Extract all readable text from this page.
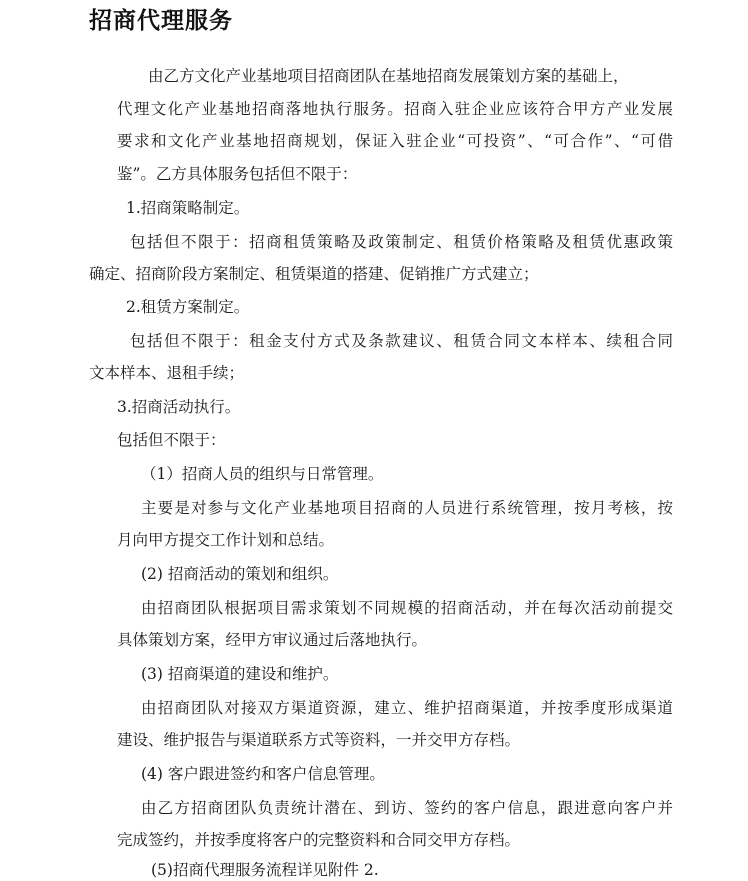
招商代理服务
由乙方文化产业基地项目招商团队在基地招商发展策划方案的基础上，
代理文化产业基地招商落地执行服务。招商入驻企业应该符合甲方产业发展
要求和文化产业基地招商规划，保证入驻企业“可投资”、“可合作”、“可借
鉴”。乙方具体服务包括但不限于：
1.招商策略制定。
包括但不限于：招商租赁策略及政策制定、租赁价格策略及租赁优惠政策
确定、招商阶段方案制定、租赁渠道的搭建、促销推广方式建立；
2.租赁方案制定。
包括但不限于：租金支付方式及条款建议、租赁合同文本样本、续租合同
文本样本、退租手续；
3.招商活动执行。
包括但不限于：
（1）招商人员的组织与日常管理。
主要是对参与文化产业基地项目招商的人员进行系统管理，按月考核，按
月向甲方提交工作计划和总结。
(2) 招商活动的策划和组织。
由招商团队根据项目需求策划不同规模的招商活动，并在每次活动前提交
具体策划方案，经甲方审议通过后落地执行。
(3) 招商渠道的建设和维护。
由招商团队对接双方渠道资源，建立、维护招商渠道，并按季度形成渠道
建设、维护报告与渠道联系方式等资料，一并交甲方存档。
(4) 客户跟进签约和客户信息管理。
由乙方招商团队负责统计潜在、到访、签约的客户信息，跟进意向客户并
完成签约，并按季度将客户的完整资料和合同交甲方存档。
(5)招商代理服务流程详见附件 2.
